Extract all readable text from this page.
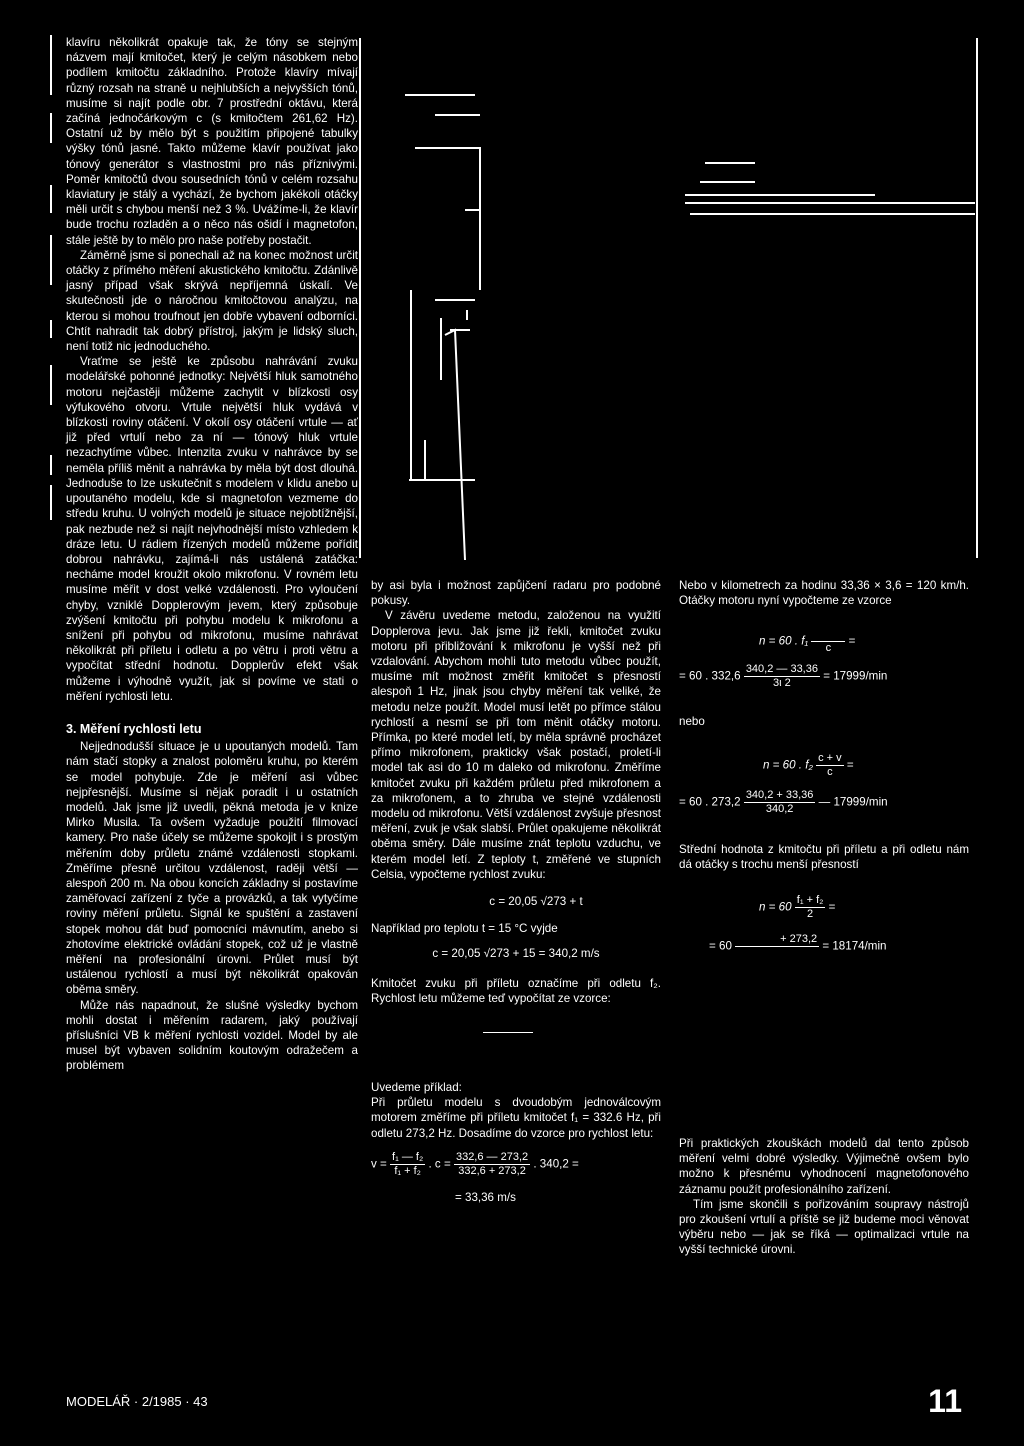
klavíru několikrát opakuje tak, že tóny se stejným názvem mají kmitočet, který je celým násobkem nebo podílem kmitočtu základního. Protože klavíry mívají různý rozsah na straně u nejhlubších a nejvyšších tónů, musíme si najít podle obr. 7 prostřední oktávu, která začíná jednočárkovým c (s kmitočtem 261,62 Hz). Ostatní už by mělo být s použitím připojené tabulky výšky tónů jasné. Takto můžeme klavír používat jako tónový generátor s vlastnostmi pro nás příznivými. Poměr kmitočtů dvou sousedních tónů v celém rozsahu klaviatury je stálý a vychází, že bychom jakékoli otáčky měli určit s chybou menší než 3 %. Uvážíme-li, že klavír bude trochu rozladěn a o něco nás ošidí i magnetofon, stále ještě by to mělo pro naše potřeby postačit.

Záměrně jsme si ponechali až na konec možnost určit otáčky z přímého měření akustického kmitočtu. Zdánlivě jasný případ však skrývá nepříjemná úskalí. Ve skutečnosti jde o náročnou kmitočtovou analýzu, na kterou si mohou troufnout jen dobře vybavení odborníci. Chtít nahradit tak dobrý přístroj, jakým je lidský sluch, není totiž nic jednoduchého.

Vraťme se ještě ke způsobu nahrávání zvuku modelářské pohonné jednotky: Největší hluk samotného motoru nejčastěji můžeme zachytit v blízkosti osy výfukového otvoru. Vrtule největší hluk vydává v blízkosti roviny otáčení. V okolí osy otáčení vrtule — ať již před vrtulí nebo za ní — tónový hluk vrtule nezachytíme vůbec. Intenzita zvuku v nahrávce by se neměla příliš měnit a nahrávka by měla být dost dlouhá. Jednoduše to lze uskutečnit s modelem v klidu anebo u upoutaného modelu, kde si magnetofon vezmeme do středu kruhu. U volných modelů je situace nejobtížnější, pak nezbude než si najít nejvhodnější místo vzhledem k dráze letu. U rádiem řízených modelů můžeme pořídit dobrou nahrávku, zajímá-li nás ustálená zatáčka: necháme model kroužit okolo mikrofonu. V rovném letu musíme měřit v dost velké vzdálenosti. Pro vyloučení chyby, vzniklé Dopplerovým jevem, který způsobuje zvýšení kmitočtu při pohybu modelu k mikrofonu a snížení při pohybu od mikrofonu, musíme nahrávat několikrát při příletu i odletu a po větru i proti větru a vypočítat střední hodnotu. Dopplerův efekt však můžeme i výhodně využít, jak si povíme ve stati o měření rychlosti letu.

3. Měření rychlosti letu

Nejjednodušší situace je u upoutaných modelů. Tam nám stačí stopky a znalost poloměru kruhu, po kterém se model pohybuje. Zde je měření asi vůbec nejpřesnější. Musíme si nějak poradit i u ostatních modelů. Jak jsme již uvedli, pěkná metoda je v knize Mirko Musila. Ta ovšem vyžaduje použití filmovací kamery. Pro naše účely se můžeme spokojit i s prostým měřením doby průletu známé vzdálenosti stopkami. Změříme přesně určitou vzdálenost, raději větší — alespoň 200 m. Na obou koncích základny si postavíme zaměřovací zařízení z tyče a provázků, a tak vytyčíme roviny měření průletu. Signál ke spuštění a zastavení stopek mohou dát buď pomocníci mávnutím, anebo si zhotovíme elektrické ovládání stopek, což už je vlastně měření na profesionální úrovni. Průlet musí být ustálenou rychlostí a musí být několikrát opakován oběma směry.

Může nás napadnout, že slušné výsledky bychom mohli dostat i měřením radarem, jaký používají příslušníci VB k měření rychlosti vozidel. Model by ale musel být vybaven solidním koutovým odražečem a problémem

by asi byla i možnost zapůjčení radaru pro podobné pokusy.

V závěru uvedeme metodu, založenou na využití Dopplerova jevu. Jak jsme již řekli, kmitočet zvuku motoru při přibližování k mikrofonu je vyšší než při vzdalování. Abychom mohli tuto metodu vůbec použít, musíme mít možnost změřit kmitočet s přesností alespoň 1 Hz, jinak jsou chyby měření tak veliké, že metodu nelze použít. Model musí letět po přímce stálou rychlostí a nesmí se při tom měnit otáčky motoru. Přímka, po které model letí, by měla správně procházet přímo mikrofonem, prakticky však postačí, proletí-li model tak asi do 10 m daleko od mikrofonu. Změříme kmitočet zvuku při každém průletu před mikrofonem a za mikrofonem, a to zhruba ve stejné vzdálenosti modelu od mikrofonu. Větší vzdálenost zvyšuje přesnost měření, zvuk je však slabší. Průlet opakujeme několikrát oběma směry. Dále musíme znát teplotu vzduchu, ve kterém model letí. Z teploty t, změřené ve stupních Celsia, vypočteme rychlost zvuku:

c = 20,05 √273 + t

Například pro teplotu t = 15 °C vyjde

c = 20,05 √273 + 15 = 340,2 m/s

Kmitočet zvuku při příletu označíme při odletu f₂. Rychlost letu můžeme teď vypočítat ze vzorce:

Uvedeme příklad:

Při průletu modelu s dvoudobým jednoválcovým motorem změříme při příletu kmitočet f₁ = 332.6 Hz, při odletu 273,2 Hz. Dosadíme do vzorce pro rychlost letu:

$v = \frac{\text{f₁ — f₂}}{\text{f₁ + f₂}}$ . $c = \frac{332,6 — 273,2}{332,6 + 273,2}$ . 340,2 =

= 33,36 m/s

Nebo v kilometrech za hodinu 33,36 × 3,6 = 120 km/h. Otáčky motoru nyní vypočteme ze vzorce

n = 60 . f₁

c
=
= 60 . $332,6 \frac{340,2 — 33,36}{3\iota 2} = 17999/\min$

nebo

n = 60 . $f_2 \frac{c + v}{c}$ =
= 60 . $273,2 \frac{340,2 + 33,36}{340,2}$ — 17999/min

Střední hodnota z kmitočtu při příletu a při odletu nám dá otáčky s trochu menší přesností

$n = 60 \frac{\text{f₁ + f₂}}{2}$ =
= 60
+ 273,2

= 18174/min

Při praktických zkouškách modelů dal tento způsob měření velmi dobré výsledky. Výjimečně ovšem bylo možno k přesnému vyhodnocení magnetofonového záznamu použít profesionálního zařízení.

Tím jsme skončili s pořizováním soupravy nástrojů pro zkoušení vrtulí a příště se již budeme moci věnovat výběru nebo — jak se říká — optimalizaci vrtule na vyšší technické úrovni.

MODELÁŘ · 2/1985 · 43	11
